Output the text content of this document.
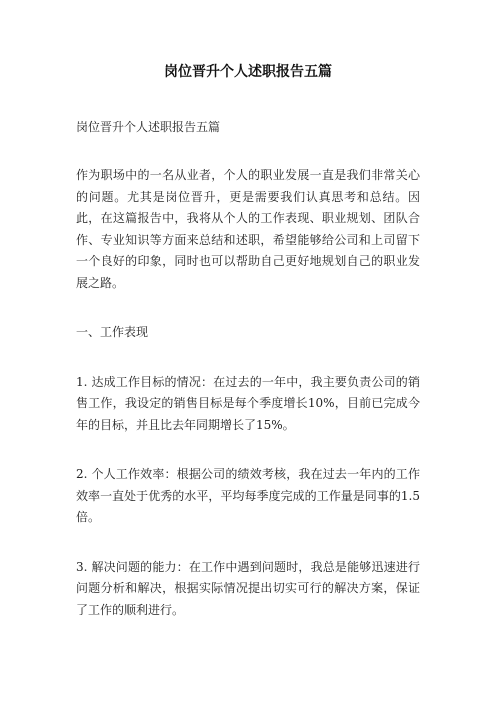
岗位晋升个人述职报告五篇

岗位晋升个人述职报告五篇

作为职场中的一名从业者，个人的职业发展一直是我们非常关心的问题。尤其是岗位晋升，更是需要我们认真思考和总结。因此，在这篇报告中，我将从个人的工作表现、职业规划、团队合作、专业知识等方面来总结和述职，希望能够给公司和上司留下一个良好的印象，同时也可以帮助自己更好地规划自己的职业发展之路。

一、工作表现

1. 达成工作目标的情况：在过去的一年中，我主要负责公司的销售工作，我设定的销售目标是每个季度增长10%，目前已完成今年的目标，并且比去年同期增长了15%。

2. 个人工作效率：根据公司的绩效考核，我在过去一年内的工作效率一直处于优秀的水平，平均每季度完成的工作量是同事的1.5倍。

3. 解决问题的能力：在工作中遇到问题时，我总是能够迅速进行问题分析和解决，根据实际情况提出切实可行的解决方案，保证了工作的顺利进行。
